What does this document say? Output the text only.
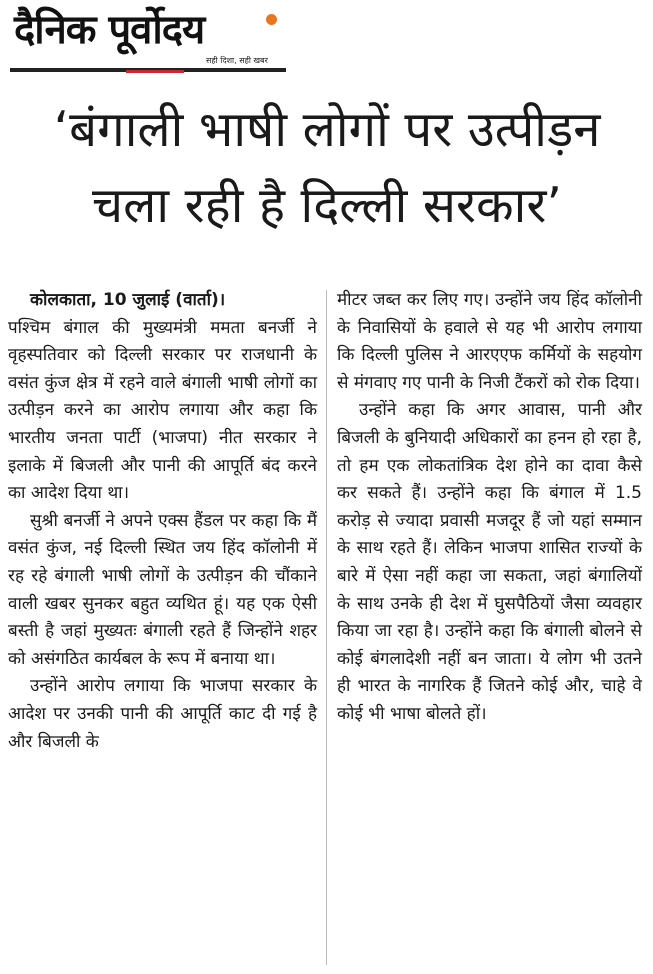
दैनिक पूर्वोदय
सही दिशा, सही खबर
‘बंगाली भाषी लोगों पर उत्पीड़न
चला रही है दिल्ली सरकार’

कोलकाता, 10 जुलाई (वार्ता)।

पश्चिम बंगाल की मुख्यमंत्री ममता बनर्जी ने वृहस्पतिवार को दिल्ली सरकार पर राजधानी के वसंत कुंज क्षेत्र में रहने वाले बंगाली भाषी लोगों का उत्पीड़न करने का आरोप लगाया और कहा कि भारतीय जनता पार्टी (भाजपा) नीत सरकार ने इलाके में बिजली और पानी की आपूर्ति बंद करने का आदेश दिया था।

सुश्री बनर्जी ने अपने एक्स हैंडल पर कहा कि मैं वसंत कुंज, नई दिल्ली स्थित जय हिंद कॉलोनी में रह रहे बंगाली भाषी लोगों के उत्पीड़न की चौंकाने वाली खबर सुनकर बहुत व्यथित हूं। यह एक ऐसी बस्ती है जहां मुख्यतः बंगाली रहते हैं जिन्होंने शहर को असंगठित कार्यबल के रूप में बनाया था।

उन्होंने आरोप लगाया कि भाजपा सरकार के आदेश पर उनकी पानी की आपूर्ति काट दी गई है और बिजली के

मीटर जब्त कर लिए गए। उन्होंने जय हिंद कॉलोनी के निवासियों के हवाले से यह भी आरोप लगाया कि दिल्ली पुलिस ने आरएएफ कर्मियों के सहयोग से मंगवाए गए पानी के निजी टैंकरों को रोक दिया।

उन्होंने कहा कि अगर आवास, पानी और बिजली के बुनियादी अधिकारों का हनन हो रहा है, तो हम एक लोकतांत्रिक देश होने का दावा कैसे कर सकते हैं। उन्होंने कहा कि बंगाल में 1.5 करोड़ से ज्यादा प्रवासी मजदूर हैं जो यहां सम्मान के साथ रहते हैं। लेकिन भाजपा शासित राज्यों के बारे में ऐसा नहीं कहा जा सकता, जहां बंगालियों के साथ उनके ही देश में घुसपैठियों जैसा व्यवहार किया जा रहा है। उन्होंने कहा कि बंगाली बोलने से कोई बंगलादेशी नहीं बन जाता। ये लोग भी उतने ही भारत के नागरिक हैं जितने कोई और, चाहे वे कोई भी भाषा बोलते हों।
